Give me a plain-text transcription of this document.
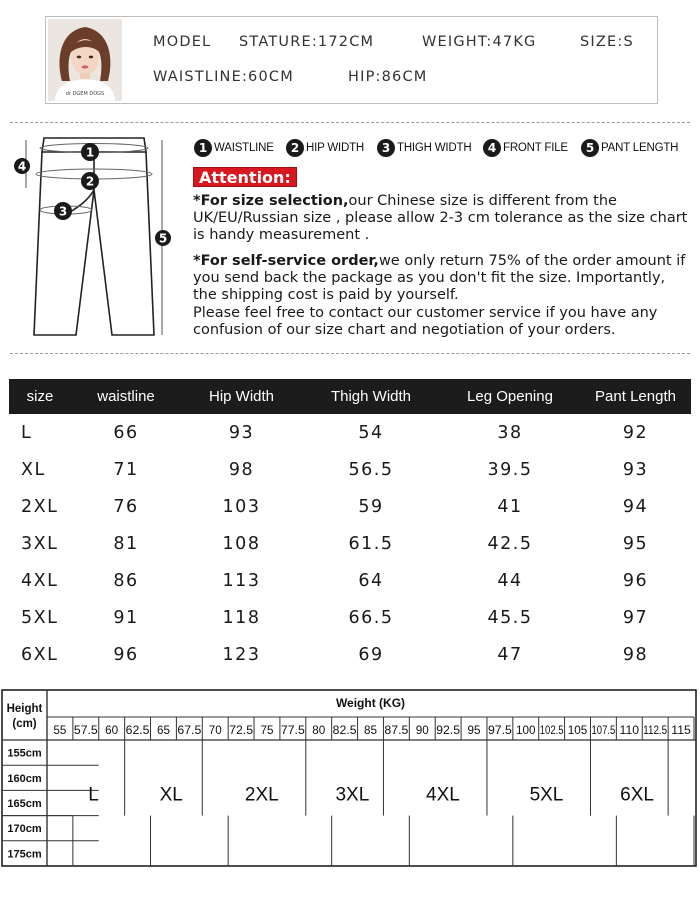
dr DGEM DOGS
MODEL STATURE:172CM	WEIGHT:47KG	SIZE:S
WAISTLINE:60CM	HIP:86CM
1
2
3
4
5
1 WAISTLINE	2 HIP WIDTH	3 THIGH WIDTH	4 FRONT FILE	5 PANT LENGTH
Attention:

*For size selection,our Chinese size is different from the UK/EU/Russian size , please allow 2-3 cm tolerance as the size chart is handy measurement .

*For self-service order,we only return 75% of the order amount if you send back the package as you don't fit the size. Importantly, the shipping cost is paid by yourself.

Please feel free to contact our customer service if you have any confusion of our size chart and negotiation of your orders.

size	waistline	Hip Width	Thigh Width	Leg Opening	Pant Length
L	66	93	54	38	92
XL	71	98	56.5	39.5	93
2XL	76	103	59	41	94
3XL	81	108	61.5	42.5	95
4XL	86	113	64	44	96
5XL	91	118	66.5	45.5	97
6XL	96	123	69	47	98
Height
(cm)
Weight (KG)
55 57.5 60 62.5 65 67.5 70 72.5 75 77.5 80 82.5 85 87.5 90 92.5 95 97.5 100 102.5 105 107.5 110 112.5 115
155cm
160cm
165cm
170cm
175cm
L	XL	2XL	3XL	4XL	5XL	6XL
